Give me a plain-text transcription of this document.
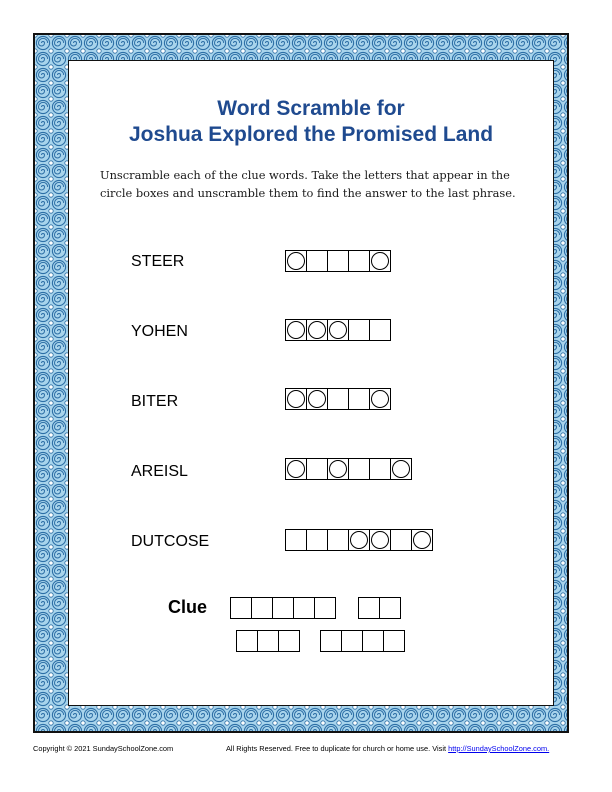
Word Scramble for
Joshua Explored the Promised Land

Unscramble each of the clue words. Take the letters that appear in the circle boxes and unscramble them to find the answer to the last phrase.

STEER
YOHEN
BITER
AREISL
DUTCOSE
Clue
Copyright © 2021 SundaySchoolZone.com	All Rights Reserved. Free to duplicate for church or home use. Visit http://SundaySchoolZone.com.
